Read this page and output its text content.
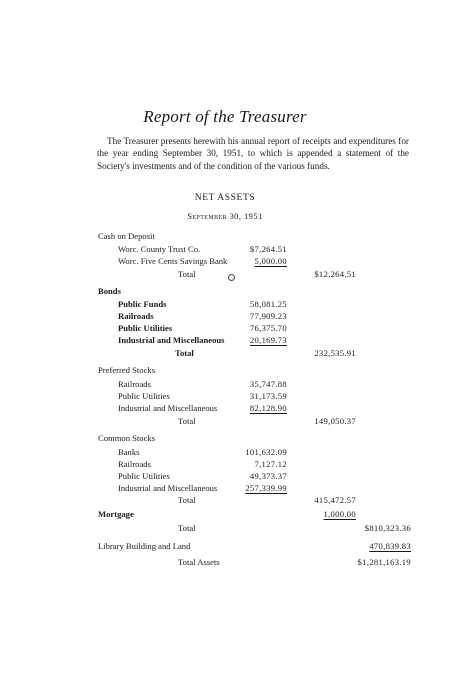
Report of the Treasurer
The Treasurer presents herewith his annual report of receipts and expenditures for the year ending September 30, 1951, to which is appended a statement of the Society's investments and of the condition of the various funds.
NET ASSETS
September 30, 1951
Cash on Deposit
Worc. County Trust Co.	$7,264.51
Worc. Five Cents Savings Bank	5,000.00
Total	$12,264.51
Bonds
Public Funds	58,081.25
Railroads	77,909.23
Public Utilities	76,375.70
Industrial and Miscellaneous	20,169.73
Total	232,535.91
Preferred Stocks
Railroads	35,747.88
Public Utilities	31,173.59
Industrial and Miscellaneous	82,128.90
Total	149,050.37
Common Stocks
Banks	101,632.09
Railroads	7,127.12
Public Utilities	49,373.37
Industrial and Miscellaneous	257,339.99
Total	415,472.57
Mortgage	1,000.00
Total	$810,323.36
Library Building and Land	470,839.83
Total Assets	$1,281,163.19
